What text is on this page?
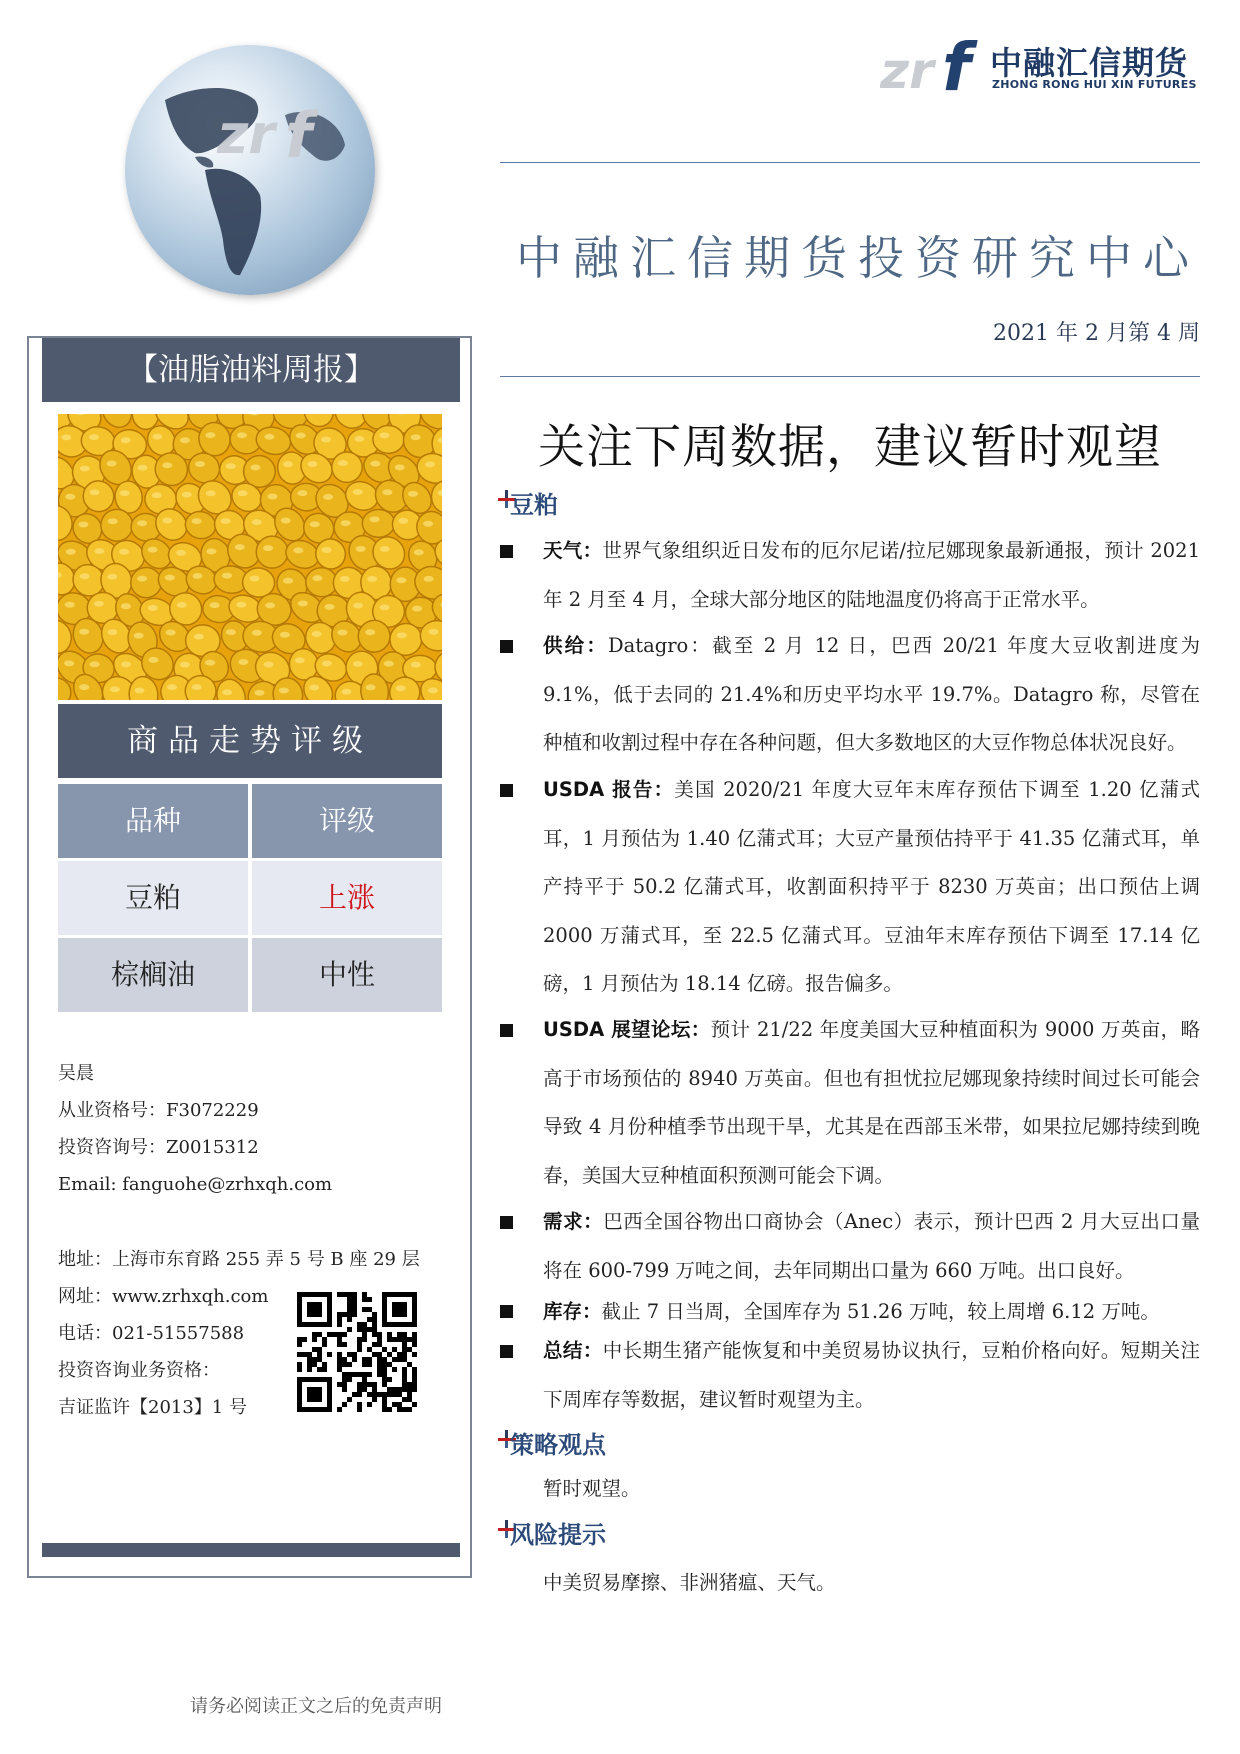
zr f
zr f 中融汇信期货
ZHONG RONG HUI XIN FUTURES
中融汇信期货投资研究中心
2021 年 2 月第 4 周
关注下周数据，建议暂时观望
【油脂油料周报】
商品走势评级
品种	评级
豆粕	上涨
棕榈油	中性
吴晨
从业资格号：F3072229
投资咨询号：Z0015312
Email: fanguohe@zrhxqh.com
地址：上海市东育路 255 弄 5 号 B 座 29 层
网址：www.zrhxqh.com
电话：021-51557588
投资咨询业务资格：
吉证监许【2013】1 号
豆粕
天气：世界气象组织近日发布的厄尔尼诺/拉尼娜现象最新通报，预计 2021 年 2 月至 4 月，全球大部分地区的陆地温度仍将高于正常水平。
供给：Datagro：截至 2 月 12 日，巴西 20/21 年度大豆收割进度为 9.1%，低于去同的 21.4%和历史平均水平 19.7%。Datagro 称，尽管在种植和收割过程中存在各种问题，但大多数地区的大豆作物总体状况良好。
USDA 报告：美国 2020/21 年度大豆年末库存预估下调至 1.20 亿蒲式耳，1 月预估为 1.40 亿蒲式耳；大豆产量预估持平于 41.35 亿蒲式耳，单产持平于 50.2 亿蒲式耳，收割面积持平于 8230 万英亩；出口预估上调 2000 万蒲式耳，至 22.5 亿蒲式耳。豆油年末库存预估下调至 17.14 亿磅，1 月预估为 18.14 亿磅。报告偏多。
USDA 展望论坛：预计 21/22 年度美国大豆种植面积为 9000 万英亩，略高于市场预估的 8940 万英亩。但也有担忧拉尼娜现象持续时间过长可能会导致 4 月份种植季节出现干旱，尤其是在西部玉米带，如果拉尼娜持续到晚春，美国大豆种植面积预测可能会下调。
需求：巴西全国谷物出口商协会（Anec）表示，预计巴西 2 月大豆出口量将在 600-799 万吨之间，去年同期出口量为 660 万吨。出口良好。
库存：截止 7 日当周，全国库存为 51.26 万吨，较上周增 6.12 万吨。
总结：中长期生猪产能恢复和中美贸易协议执行，豆粕价格向好。短期关注下周库存等数据，建议暂时观望为主。
策略观点
暂时观望。
风险提示
中美贸易摩擦、非洲猪瘟、天气。
请务必阅读正文之后的免责声明
